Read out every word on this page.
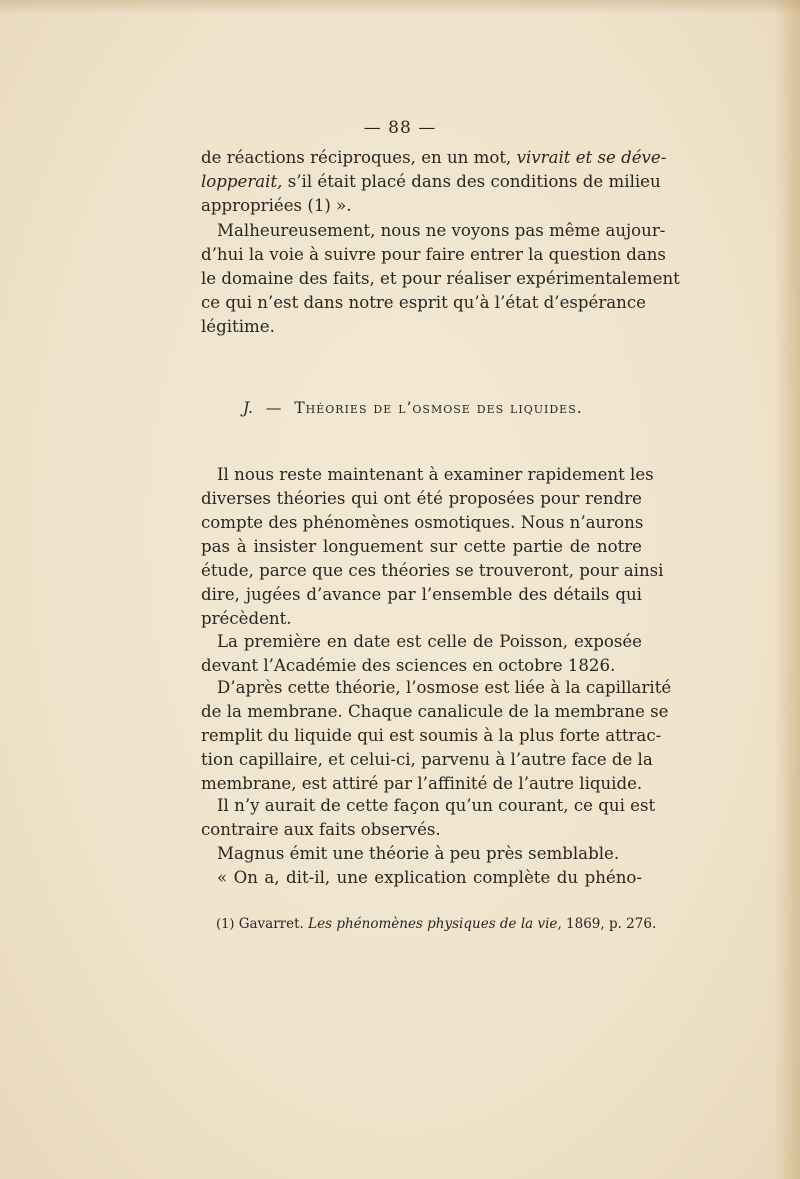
— 88 —
de réactions réciproques, en un mot, vivrait et se déve-
lopperait, s’il était placé dans des conditions de milieu
appropriées (1) ».
Malheureusement, nous ne voyons pas même aujour-
d’hui la voie à suivre pour faire entrer la question dans
le domaine des faits, et pour réaliser expérimentalement
ce qui n’est dans notre esprit qu’à l’état d’espérance
légitime.
J. — Théories de l’osmose des liquides.
Il nous reste maintenant à examiner rapidement les
diverses théories qui ont été proposées pour rendre
compte des phénomènes osmotiques. Nous n’aurons
pas à insister longuement sur cette partie de notre
étude, parce que ces théories se trouveront, pour ainsi
dire, jugées d’avance par l’ensemble des détails qui
précèdent.
La première en date est celle de Poisson, exposée
devant l’Académie des sciences en octobre 1826.
D’après cette théorie, l’osmose est liée à la capillarité
de la membrane. Chaque canalicule de la membrane se
remplit du liquide qui est soumis à la plus forte attrac-
tion capillaire, et celui-ci, parvenu à l’autre face de la
membrane, est attiré par l’affinité de l’autre liquide.
Il n’y aurait de cette façon qu’un courant, ce qui est
contraire aux faits observés.
Magnus émit une théorie à peu près semblable.
« On a, dit-il, une explication complète du phéno-
(1) Gavarret. Les phénomènes physiques de la vie, 1869, p. 276.
